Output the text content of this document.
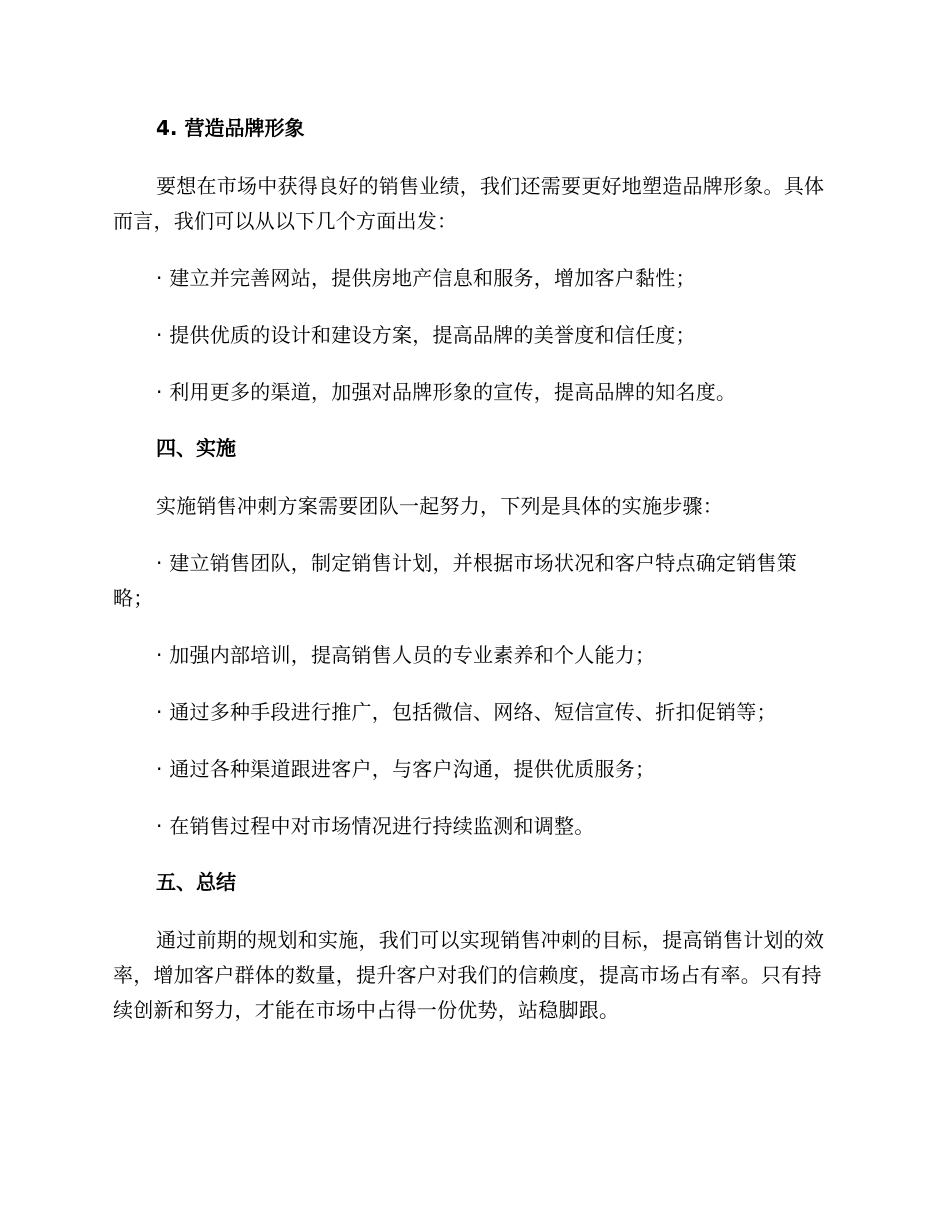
4. 营造品牌形象

要想在市场中获得良好的销售业绩，我们还需要更好地塑造品牌形象。具体而言，我们可以从以下几个方面出发：

· 建立并完善网站，提供房地产信息和服务，增加客户黏性；

· 提供优质的设计和建设方案，提高品牌的美誉度和信任度；

· 利用更多的渠道，加强对品牌形象的宣传，提高品牌的知名度。

四、实施

实施销售冲刺方案需要团队一起努力，下列是具体的实施步骤：

· 建立销售团队，制定销售计划，并根据市场状况和客户特点确定销售策略；

· 加强内部培训，提高销售人员的专业素养和个人能力；

· 通过多种手段进行推广，包括微信、网络、短信宣传、折扣促销等；

· 通过各种渠道跟进客户，与客户沟通，提供优质服务；

· 在销售过程中对市场情况进行持续监测和调整。

五、总结

通过前期的规划和实施，我们可以实现销售冲刺的目标，提高销售计划的效率，增加客户群体的数量，提升客户对我们的信赖度，提高市场占有率。只有持续创新和努力，才能在市场中占得一份优势，站稳脚跟。
